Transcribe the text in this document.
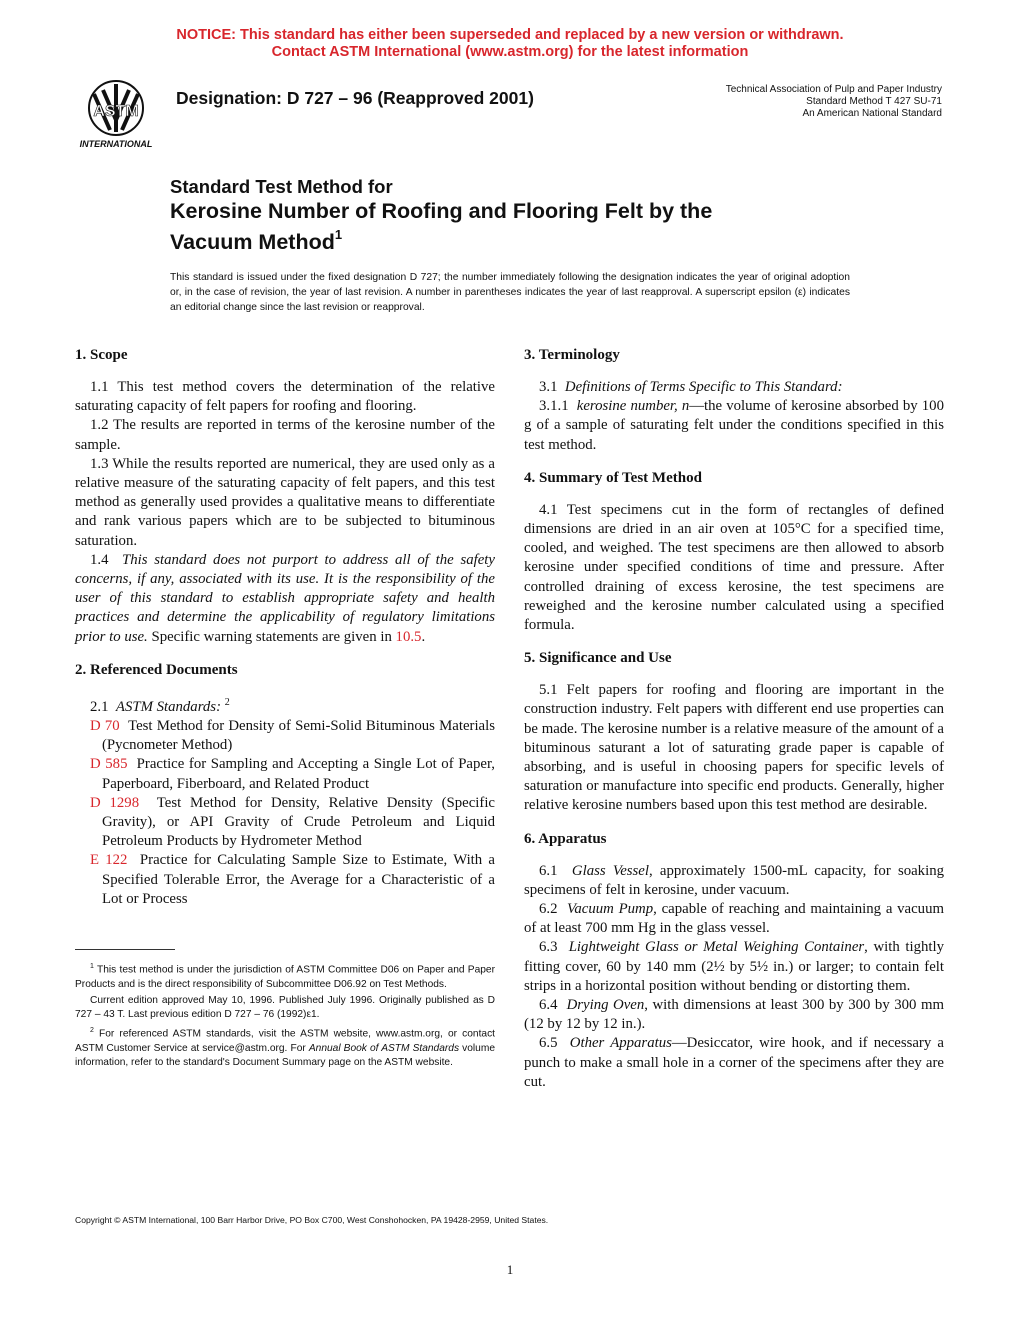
NOTICE: This standard has either been superseded and replaced by a new version or withdrawn.
Contact ASTM International (www.astm.org) for the latest information
ASTM
INTERNATIONAL
Designation: D 727 – 96 (Reapproved 2001)	Technical Association of Pulp and Paper Industry
Standard Method T 427 SU-71
An American National Standard
Standard Test Method for
Kerosine Number of Roofing and Flooring Felt by the
Vacuum Method$^1$
This standard is issued under the fixed designation D 727; the number immediately following the designation indicates the year of original adoption or, in the case of revision, the year of last revision. A number in parentheses indicates the year of last reapproval. A superscript epsilon (ε) indicates an editorial change since the last revision or reapproval.
1. Scope

1.1 This test method covers the determination of the relative saturating capacity of felt papers for roofing and flooring.

1.2 The results are reported in terms of the kerosine number of the sample.

1.3 While the results reported are numerical, they are used only as a relative measure of the saturating capacity of felt papers, and this test method as generally used provides a qualitative means to differentiate and rank various papers which are to be subjected to bituminous saturation.

1.4 This standard does not purport to address all of the safety concerns, if any, associated with its use. It is the responsibility of the user of this standard to establish appropriate safety and health practices and determine the applicability of regulatory limitations prior to use. Specific warning statements are given in 10.5.

2. Referenced Documents

2.1 ASTM Standards: $^2$

D 70 Test Method for Density of Semi-Solid Bituminous Materials (Pycnometer Method)

D 585 Practice for Sampling and Accepting a Single Lot of Paper, Paperboard, Fiberboard, and Related Product

D 1298 Test Method for Density, Relative Density (Specific Gravity), or API Gravity of Crude Petroleum and Liquid Petroleum Products by Hydrometer Method

E 122 Practice for Calculating Sample Size to Estimate, With a Specified Tolerable Error, the Average for a Characteristic of a Lot or Process

$^1$ This test method is under the jurisdiction of ASTM Committee D06 on Paper and Paper Products and is the direct responsibility of Subcommittee D06.92 on Test Methods.

Current edition approved May 10, 1996. Published July 1996. Originally published as D 727 – 43 T. Last previous edition D 727 – 76 (1992)ε1.

$^2$ For referenced ASTM standards, visit the ASTM website, www.astm.org, or contact ASTM Customer Service at service@astm.org. For Annual Book of ASTM Standards volume information, refer to the standard's Document Summary page on the ASTM website.

3. Terminology

3.1 Definitions of Terms Specific to This Standard:

3.1.1 kerosine number, n—the volume of kerosine absorbed by 100 g of a sample of saturating felt under the conditions specified in this test method.

4. Summary of Test Method

4.1 Test specimens cut in the form of rectangles of defined dimensions are dried in an air oven at 105°C for a specified time, cooled, and weighed. The test specimens are then allowed to absorb kerosine under specified conditions of time and pressure. After controlled draining of excess kerosine, the test specimens are reweighed and the kerosine number calculated using a specified formula.

5. Significance and Use

5.1 Felt papers for roofing and flooring are important in the construction industry. Felt papers with different end use properties can be made. The kerosine number is a relative measure of the amount of a bituminous saturant a lot of saturating grade paper is capable of absorbing, and is useful in choosing papers for specific levels of saturation or manufacture into specific end products. Generally, higher relative kerosine numbers based upon this test method are desirable.

6. Apparatus

6.1 Glass Vessel, approximately 1500-mL capacity, for soaking specimens of felt in kerosine, under vacuum.

6.2 Vacuum Pump, capable of reaching and maintaining a vacuum of at least 700 mm Hg in the glass vessel.

6.3 Lightweight Glass or Metal Weighing Container, with tightly fitting cover, 60 by 140 mm (2½ by 5½ in.) or larger; to contain felt strips in a horizontal position without bending or distorting them.

6.4 Drying Oven, with dimensions at least 300 by 300 by 300 mm (12 by 12 by 12 in.).

6.5 Other Apparatus—Desiccator, wire hook, and if necessary a punch to make a small hole in a corner of the specimens after they are cut.

Copyright © ASTM International, 100 Barr Harbor Drive, PO Box C700, West Conshohocken, PA 19428-2959, United States.
1
